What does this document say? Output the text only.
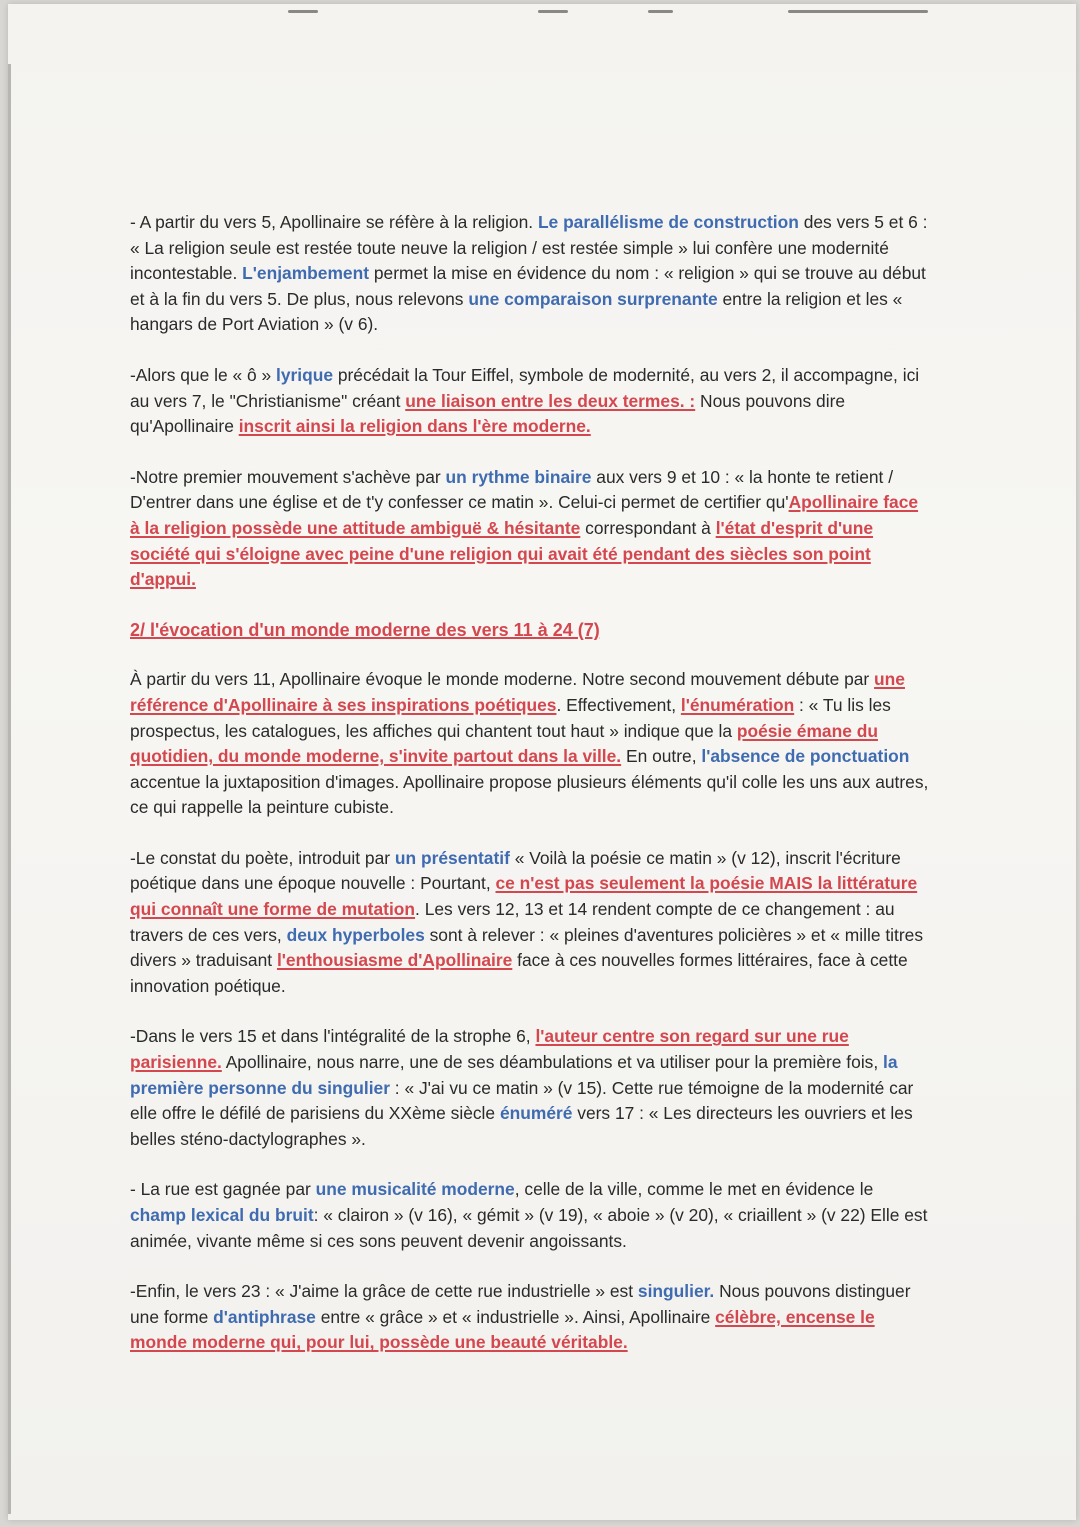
- A partir du vers 5, Apollinaire se réfère à la religion. Le parallélisme de construction des vers 5 et 6 : « La religion seule est restée toute neuve la religion / est restée simple » lui confère une modernité incontestable. L'enjambement permet la mise en évidence du nom : « religion » qui se trouve au début et à la fin du vers 5. De plus, nous relevons une comparaison surprenante entre la religion et les « hangars de Port Aviation » (v 6).

-Alors que le « ô » lyrique précédait la Tour Eiffel, symbole de modernité, au vers 2, il accompagne, ici au vers 7, le "Christianisme" créant une liaison entre les deux termes. : Nous pouvons dire qu'Apollinaire inscrit ainsi la religion dans l'ère moderne.

-Notre premier mouvement s'achève par un rythme binaire aux vers 9 et 10 : « la honte te retient / D'entrer dans une église et de t'y confesser ce matin ». Celui-ci permet de certifier qu'Apollinaire face à la religion possède une attitude ambiguë & hésitante correspondant à l'état d'esprit d'une société qui s'éloigne avec peine d'une religion qui avait été pendant des siècles son point d'appui.

2/ l'évocation d'un monde moderne des vers 11 à 24 (7)

À partir du vers 11, Apollinaire évoque le monde moderne. Notre second mouvement débute par une référence d'Apollinaire à ses inspirations poétiques. Effectivement, l'énumération : « Tu lis les prospectus, les catalogues, les affiches qui chantent tout haut » indique que la poésie émane du quotidien, du monde moderne, s'invite partout dans la ville. En outre, l'absence de ponctuation accentue la juxtaposition d'images. Apollinaire propose plusieurs éléments qu'il colle les uns aux autres, ce qui rappelle la peinture cubiste.

-Le constat du poète, introduit par un présentatif « Voilà la poésie ce matin » (v 12), inscrit l'écriture poétique dans une époque nouvelle : Pourtant, ce n'est pas seulement la poésie MAIS la littérature qui connaît une forme de mutation. Les vers 12, 13 et 14 rendent compte de ce changement : au travers de ces vers, deux hyperboles sont à relever : « pleines d'aventures policières » et « mille titres divers » traduisant l'enthousiasme d'Apollinaire face à ces nouvelles formes littéraires, face à cette innovation poétique.

-Dans le vers 15 et dans l'intégralité de la strophe 6, l'auteur centre son regard sur une rue parisienne. Apollinaire, nous narre, une de ses déambulations et va utiliser pour la première fois, la première personne du singulier : « J'ai vu ce matin » (v 15). Cette rue témoigne de la modernité car elle offre le défilé de parisiens du XXème siècle énuméré vers 17 : « Les directeurs les ouvriers et les belles sténo-dactylographes ».

- La rue est gagnée par une musicalité moderne, celle de la ville, comme le met en évidence le champ lexical du bruit: « clairon » (v 16), « gémit » (v 19), « aboie » (v 20), « criaillent » (v 22) Elle est animée, vivante même si ces sons peuvent devenir angoissants.

-Enfin, le vers 23 : « J'aime la grâce de cette rue industrielle » est singulier. Nous pouvons distinguer une forme d'antiphrase entre « grâce » et « industrielle ». Ainsi, Apollinaire célèbre, encense le monde moderne qui, pour lui, possède une beauté véritable.
